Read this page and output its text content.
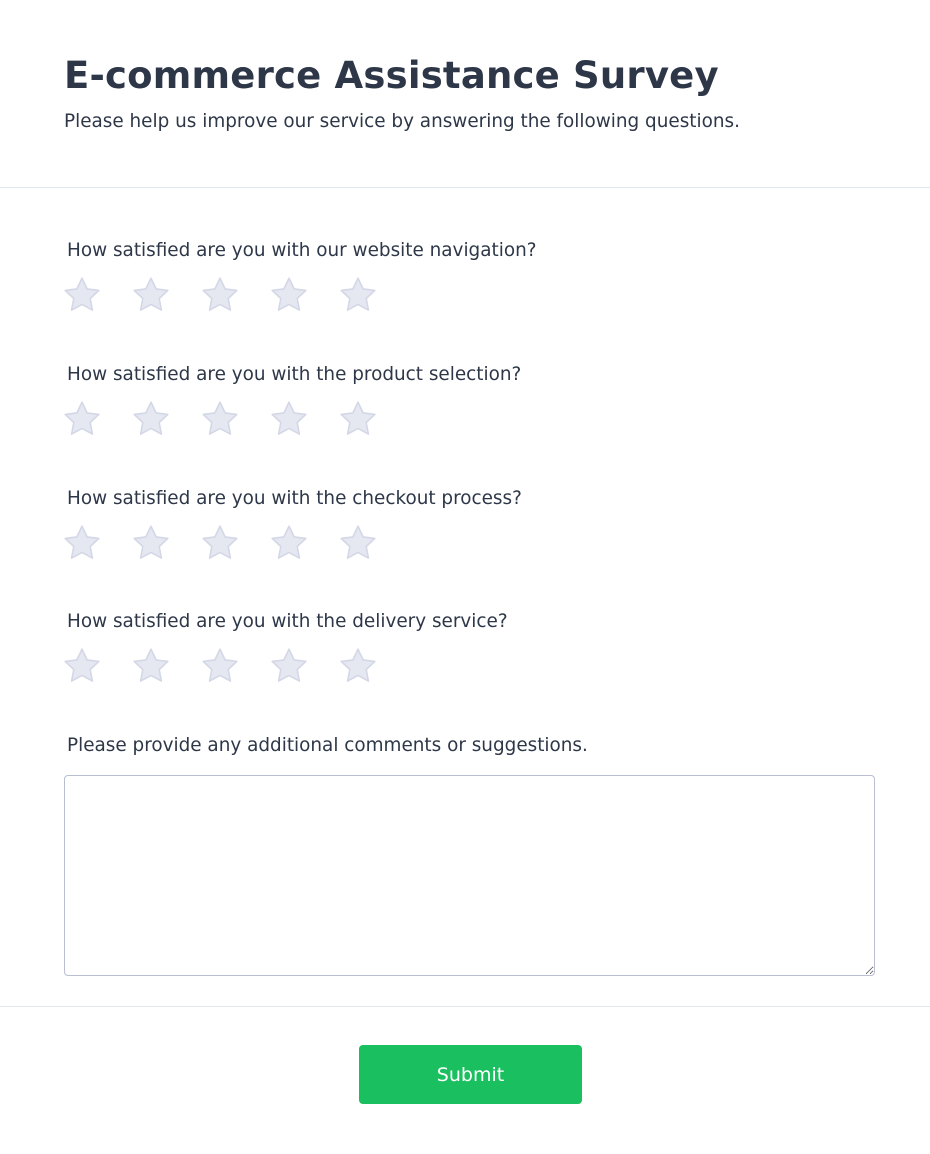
E-commerce Assistance Survey

Please help us improve our service by answering the following questions.

How satisfied are you with our website navigation?

How satisfied are you with the product selection?

How satisfied are you with the checkout process?

How satisfied are you with the delivery service?

Please provide any additional comments or suggestions.

Submit
